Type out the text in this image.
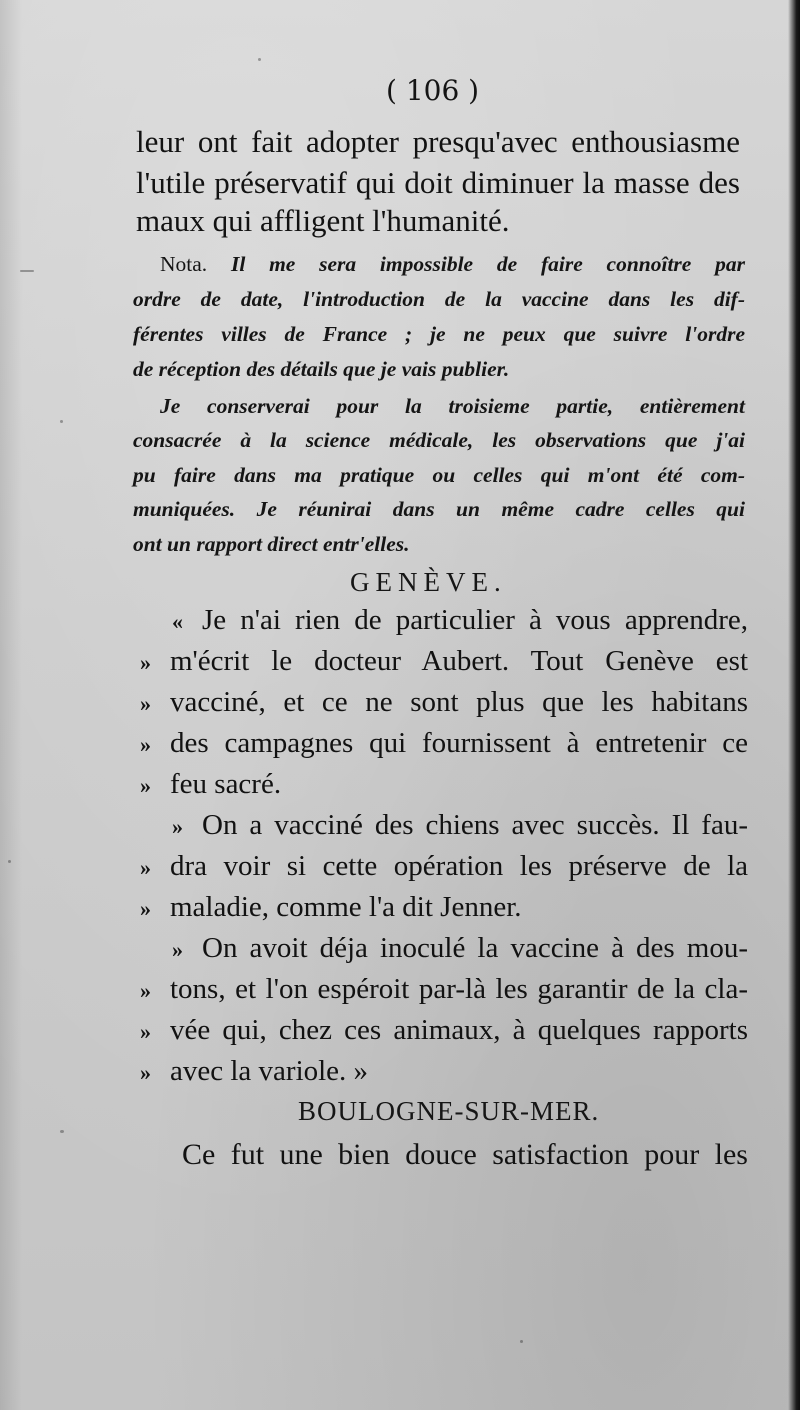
( 106 )
leur ont fait adopter presqu'avec enthousiasme
l'utile préservatif qui doit diminuer la masse des
maux qui affligent l'humanité.
Nota. Il me sera impossible de faire connoître par
ordre de date, l'introduction de la vaccine dans les dif-
férentes villes de France ; je ne peux que suivre l'ordre
de réception des détails que je vais publier.
Je conserverai pour la troisieme partie, entièrement
consacrée à la science médicale, les observations que j'ai
pu faire dans ma pratique ou celles qui m'ont été com-
muniquées. Je réunirai dans un même cadre celles qui
ont un rapport direct entr'elles.
GENÈVE.
« Je n'ai rien de particulier à vous apprendre,
» m'écrit le docteur Aubert. Tout Genève est
» vacciné, et ce ne sont plus que les habitans
» des campagnes qui fournissent à entretenir ce
» feu sacré.
» On a vacciné des chiens avec succès. Il fau-
» dra voir si cette opération les préserve de la
» maladie, comme l'a dit Jenner.
» On avoit déja inoculé la vaccine à des mou-
» tons, et l'on espéroit par-là les garantir de la cla-
» vée qui, chez ces animaux, à quelques rapports
» avec la variole. »
BOULOGNE-SUR-MER.
Ce fut une bien douce satisfaction pour les
